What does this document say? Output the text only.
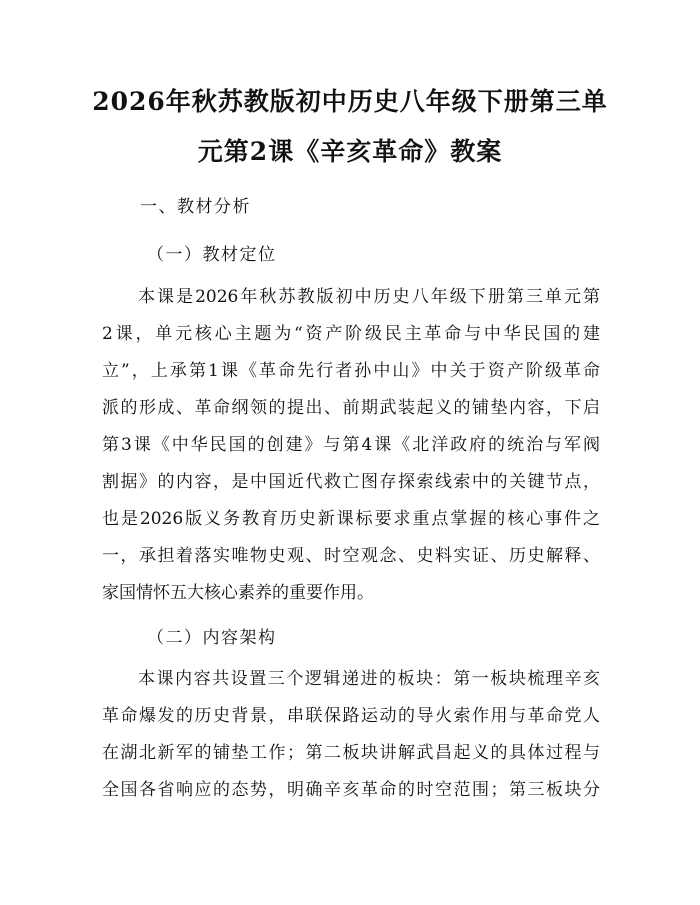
2026年秋苏教版初中历史八年级下册第三单
元第2课《辛亥革命》教案

一、教材分析

（一）教材定位

本课是2026年秋苏教版初中历史八年级下册第三单元第
2课，单元核心主题为“资产阶级民主革命与中华民国的建
立”，上承第1课《革命先行者孙中山》中关于资产阶级革命
派的形成、革命纲领的提出、前期武装起义的铺垫内容，下启
第3课《中华民国的创建》与第4课《北洋政府的统治与军阀
割据》的内容，是中国近代救亡图存探索线索中的关键节点，
也是2026版义务教育历史新课标要求重点掌握的核心事件之
一，承担着落实唯物史观、时空观念、史料实证、历史解释、
家国情怀五大核心素养的重要作用。

（二）内容架构

本课内容共设置三个逻辑递进的板块：第一板块梳理辛亥
革命爆发的历史背景，串联保路运动的导火索作用与革命党人
在湖北新军的铺垫工作；第二板块讲解武昌起义的具体过程与
全国各省响应的态势，明确辛亥革命的时空范围；第三板块分
